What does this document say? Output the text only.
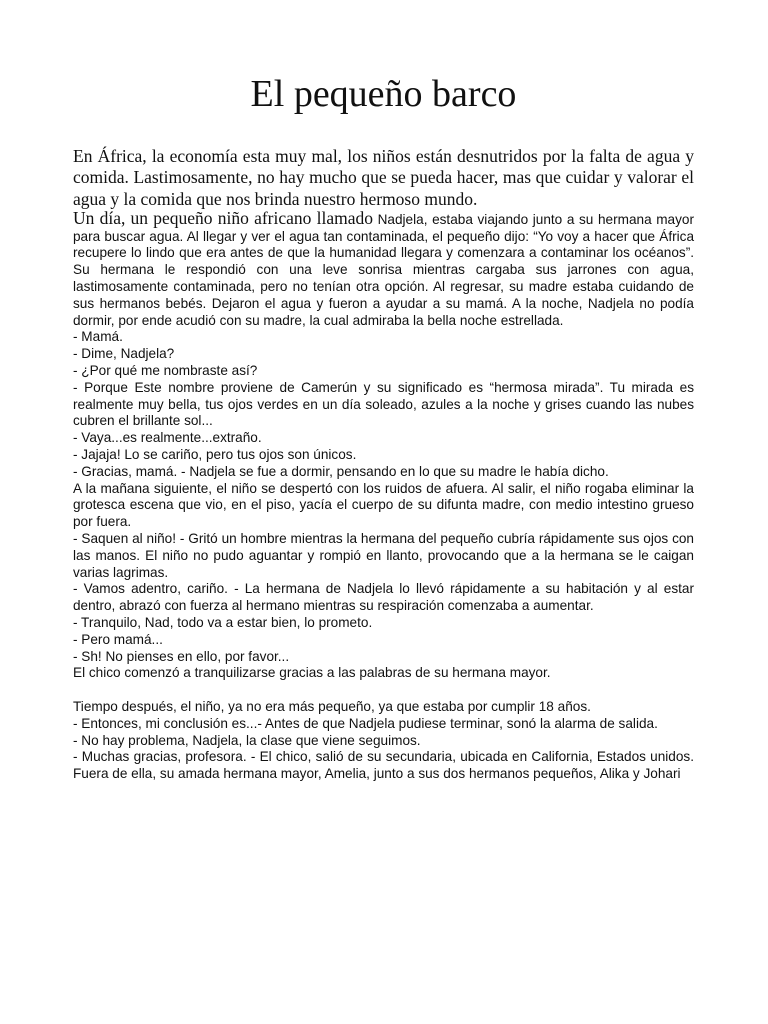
El pequeño barco

En África, la economía esta muy mal, los niños están desnutridos por la falta de agua y comida. Lastimosamente, no hay mucho que se pueda hacer, mas que cuidar y valorar el agua y la comida que nos brinda nuestro hermoso mundo.

Un día, un pequeño niño africano llamado Nadjela, estaba viajando junto a su hermana mayor para buscar agua. Al llegar y ver el agua tan contaminada, el pequeño dijo: “Yo voy a hacer que África recupere lo lindo que era antes de que la humanidad llegara y comenzara a contaminar los océanos”. Su hermana le respondió con una leve sonrisa mientras cargaba sus jarrones con agua, lastimosamente contaminada, pero no tenían otra opción. Al regresar, su madre estaba cuidando de sus hermanos bebés. Dejaron el agua y fueron a ayudar a su mamá. A la noche, Nadjela no podía dormir, por ende acudió con su madre, la cual admiraba la bella noche estrellada.

- Mamá.

- Dime, Nadjela?

- ¿Por qué me nombraste así?

- Porque Este nombre proviene de Camerún y su significado es “hermosa mirada”. Tu mirada es realmente muy bella, tus ojos verdes en un día soleado, azules a la noche y grises cuando las nubes cubren el brillante sol...

- Vaya...es realmente...extraño.

- Jajaja! Lo se cariño, pero tus ojos son únicos.

- Gracias, mamá. - Nadjela se fue a dormir, pensando en lo que su madre le había dicho.

A la mañana siguiente, el niño se despertó con los ruidos de afuera. Al salir, el niño rogaba eliminar la grotesca escena que vio, en el piso, yacía el cuerpo de su difunta madre, con medio intestino grueso por fuera.

- Saquen al niño! - Gritó un hombre mientras la hermana del pequeño cubría rápidamente sus ojos con las manos. El niño no pudo aguantar y rompió en llanto, provocando que a la hermana se le caigan varias lagrimas.

- Vamos adentro, cariño. - La hermana de Nadjela lo llevó rápidamente a su habitación y al estar dentro, abrazó con fuerza al hermano mientras su respiración comenzaba a aumentar.

- Tranquilo, Nad, todo va a estar bien, lo prometo.

- Pero mamá...

- Sh! No pienses en ello, por favor...

El chico comenzó a tranquilizarse gracias a las palabras de su hermana mayor.

Tiempo después, el niño, ya no era más pequeño, ya que estaba por cumplir 18 años.

- Entonces, mi conclusión es...- Antes de que Nadjela pudiese terminar, sonó la alarma de salida.

- No hay problema, Nadjela, la clase que viene seguimos.

- Muchas gracias, profesora. - El chico, salió de su secundaria, ubicada en California, Estados unidos. Fuera de ella, su amada hermana mayor, Amelia, junto a sus dos hermanos pequeños, Alika y Johari
